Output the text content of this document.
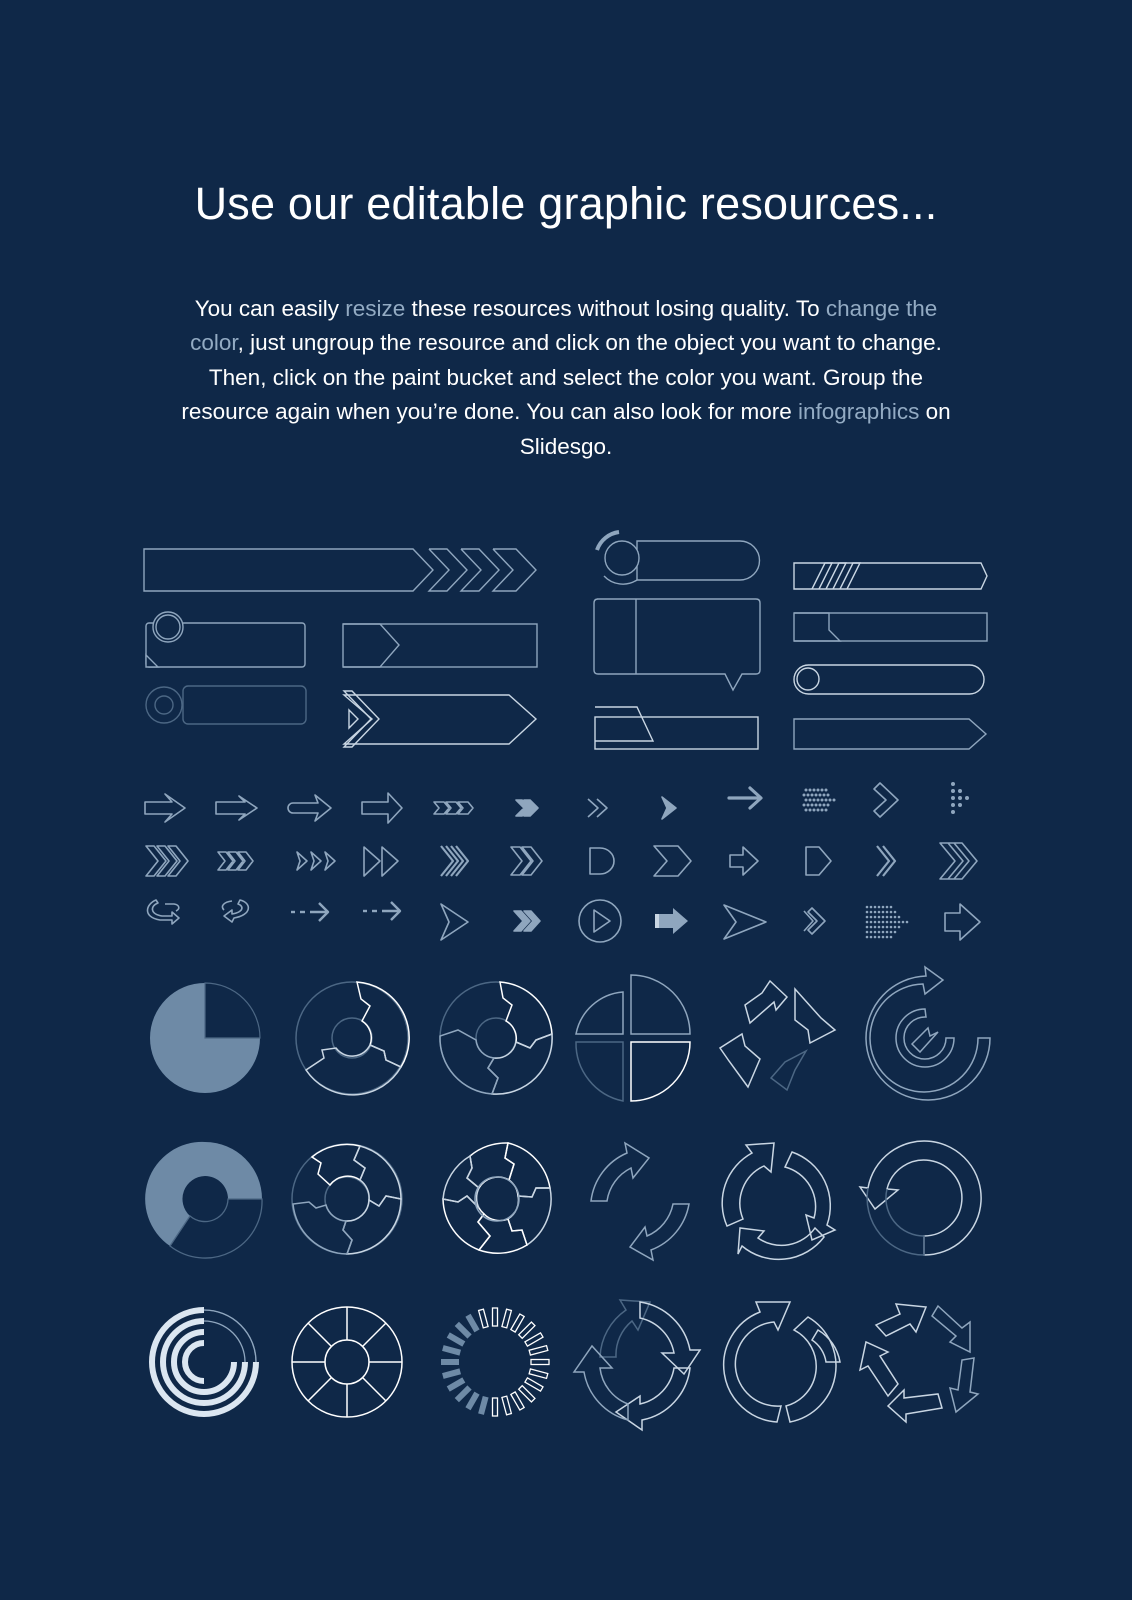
Use our editable graphic resources...

You can easily resize these resources without losing quality. To change the color, just ungroup the resource and click on the object you want to change. Then, click on the paint bucket and select the color you want. Group the resource again when you’re done. You can also look for more infographics on Slidesgo.
